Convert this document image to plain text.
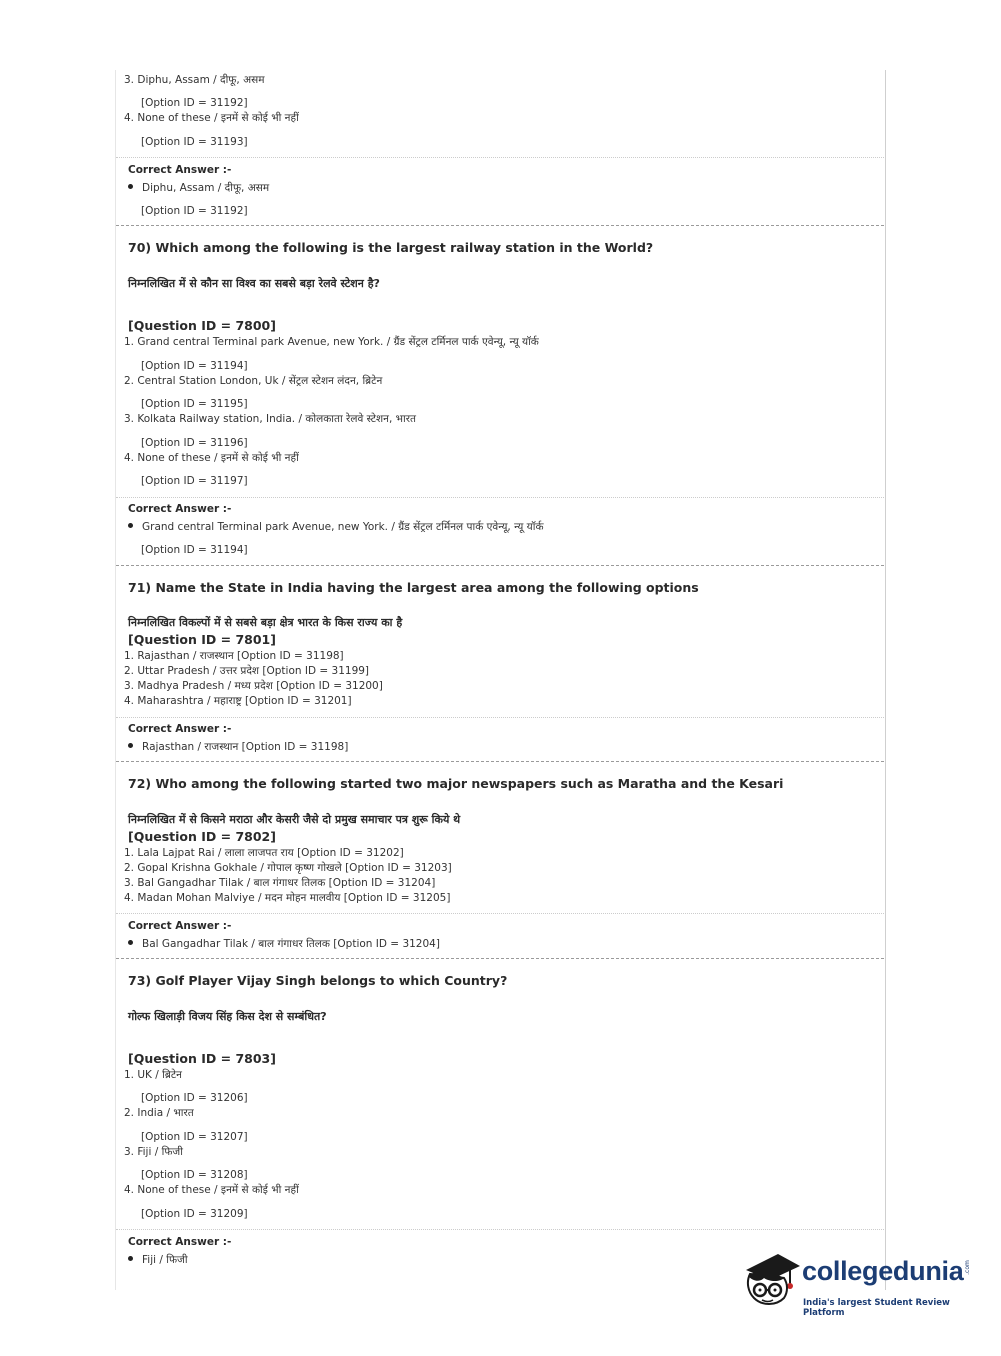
3. Diphu, Assam / दीफू, असम
[Option ID = 31192]
4. None of these / इनमें से कोई भी नहीं
[Option ID = 31193]
Correct Answer :-
Diphu, Assam / दीफू, असम
[Option ID = 31192]
70) Which among the following is the largest railway station in the World?
निम्नलिखित में से कौन सा विश्व का सबसे बड़ा रेलवे स्टेशन है?
[Question ID = 7800]
1. Grand central Terminal park Avenue, new York. / ग्रैंड सेंट्रल टर्मिनल पार्क एवेन्यू, न्यू यॉर्क
[Option ID = 31194]
2. Central Station London, Uk / सेंट्रल स्टेशन लंदन, ब्रिटेन
[Option ID = 31195]
3. Kolkata Railway station, India. / कोलकाता रेलवे स्टेशन, भारत
[Option ID = 31196]
4. None of these / इनमें से कोई भी नहीं
[Option ID = 31197]
Correct Answer :-
Grand central Terminal park Avenue, new York. / ग्रैंड सेंट्रल टर्मिनल पार्क एवेन्यू, न्यू यॉर्क
[Option ID = 31194]
71) Name the State in India having the largest area among the following options
निम्नलिखित विकल्पों में से सबसे बड़ा क्षेत्र भारत के किस राज्य का है
[Question ID = 7801]
1. Rajasthan / राजस्थान [Option ID = 31198]
2. Uttar Pradesh / उत्तर प्रदेश [Option ID = 31199]
3. Madhya Pradesh / मध्य प्रदेश [Option ID = 31200]
4. Maharashtra / महाराष्ट्र [Option ID = 31201]
Correct Answer :-
Rajasthan / राजस्थान [Option ID = 31198]
72) Who among the following started two major newspapers such as Maratha and the Kesari
निम्नलिखित में से किसने मराठा और केसरी जैसे दो प्रमुख समाचार पत्र शुरू किये थे
[Question ID = 7802]
1. Lala Lajpat Rai / लाला लाजपत राय [Option ID = 31202]
2. Gopal Krishna Gokhale / गोपाल कृष्ण गोखले [Option ID = 31203]
3. Bal Gangadhar Tilak / बाल गंगाधर तिलक [Option ID = 31204]
4. Madan Mohan Malviye / मदन मोहन मालवीय [Option ID = 31205]
Correct Answer :-
Bal Gangadhar Tilak / बाल गंगाधर तिलक [Option ID = 31204]
73) Golf Player Vijay Singh belongs to which Country?
गोल्फ खिलाड़ी विजय सिंह किस देश से सम्बंधित?
[Question ID = 7803]
1. UK / ब्रिटेन
[Option ID = 31206]
2. India / भारत
[Option ID = 31207]
3. Fiji / फिजी
[Option ID = 31208]
4. None of these / इनमें से कोई भी नहीं
[Option ID = 31209]
Correct Answer :-
Fiji / फिजी	collegedunia .com
India's largest Student Review Platform
